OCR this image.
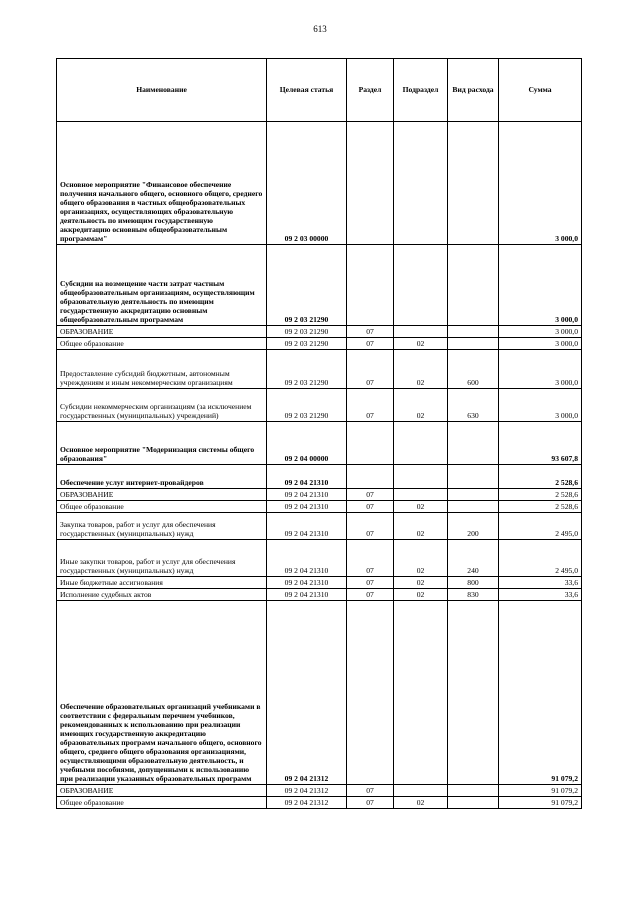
613
Наименование	Целевая статья	Раздел	Подраздел	Вид расхода	Сумма
Основное мероприятие "Финансовое обеспечение получения начального общего, основного общего, среднего общего образования в частных общеобразовательных организациях, осуществляющих образовательную деятельность по имеющим государственную аккредитацию основным общеобразовательным программам"	09 2 03 00000				3 000,0
Субсидии на возмещение части затрат частным общеобразовательным организациям, осуществляющим образовательную деятельность по имеющим государственную аккредитацию основным общеобразовательным программам	09 2 03 21290				3 000,0
ОБРАЗОВАНИЕ	09 2 03 21290	07			3 000,0
Общее образование	09 2 03 21290	07	02		3 000,0
Предоставление субсидий бюджетным, автономным учреждениям и иным некоммерческим организациям	09 2 03 21290	07	02	600	3 000,0
Субсидии некоммерческим организациям (за исключением государственных (муниципальных) учреждений)	09 2 03 21290	07	02	630	3 000,0
Основное мероприятие "Модернизация системы общего образования"	09 2 04 00000				93 607,8
Обеспечение услуг интернет-провайдеров	09 2 04 21310				2 528,6
ОБРАЗОВАНИЕ	09 2 04 21310	07			2 528,6
Общее образование	09 2 04 21310	07	02		2 528,6
Закупка товаров, работ и услуг для обеспечения государственных (муниципальных) нужд	09 2 04 21310	07	02	200	2 495,0
Иные закупки товаров, работ и услуг для обеспечения государственных (муниципальных) нужд	09 2 04 21310	07	02	240	2 495,0
Иные бюджетные ассигнования	09 2 04 21310	07	02	800	33,6
Исполнение судебных актов	09 2 04 21310	07	02	830	33,6
Обеспечение образовательных организаций учебниками в соответствии с федеральным перечнем учебников, рекомендованных к использованию при реализации имеющих государственную аккредитацию образовательных программ начального общего, основного общего, среднего общего образования организациями, осуществляющими образовательную деятельность, и учебными пособиями, допущенными к использованию при реализации указанных образовательных программ	09 2 04 21312				91 079,2
ОБРАЗОВАНИЕ	09 2 04 21312	07			91 079,2
Общее образование	09 2 04 21312	07	02		91 079,2
